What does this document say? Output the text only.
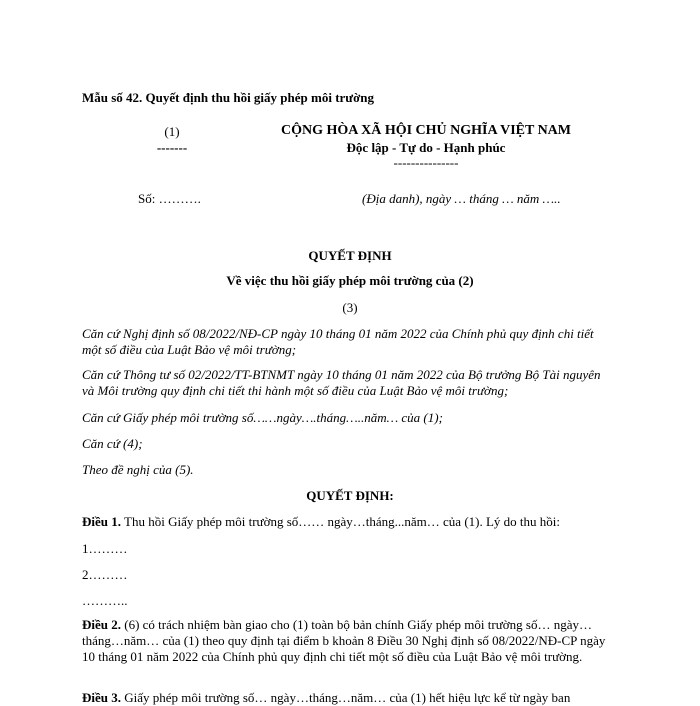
Mẫu số 42. Quyết định thu hồi giấy phép môi trường
(1)
-------
CỘNG HÒA XÃ HỘI CHỦ NGHĨA VIỆT NAM
Độc lập - Tự do - Hạnh phúc
---------------
Số: ……….	(Địa danh), ngày … tháng … năm …..
QUYẾT ĐỊNH
Về việc thu hồi giấy phép môi trường của (2)
(3)
Căn cứ Nghị định số 08/2022/NĐ-CP ngày 10 tháng 01 năm 2022 của Chính phủ quy định chi tiết một số điều của Luật Bảo vệ môi trường;
Căn cứ Thông tư số 02/2022/TT-BTNMT ngày 10 tháng 01 năm 2022 của Bộ trưởng Bộ Tài nguyên và Môi trường quy định chi tiết thi hành một số điều của Luật Bảo vệ môi trường;
Căn cứ Giấy phép môi trường số……ngày….tháng…..năm… của (1);
Căn cứ (4);
Theo đề nghị của (5).
QUYẾT ĐỊNH:
Điều 1. Thu hồi Giấy phép môi trường số…… ngày…tháng...năm… của (1). Lý do thu hồi:
1………
2………
………..
Điều 2. (6) có trách nhiệm bàn giao cho (1) toàn bộ bản chính Giấy phép môi trường số… ngày…tháng…năm… của (1) theo quy định tại điểm b khoản 8 Điều 30 Nghị định số 08/2022/NĐ-CP ngày 10 tháng 01 năm 2022 của Chính phủ quy định chi tiết một số điều của Luật Bảo vệ môi trường.
Điều 3. Giấy phép môi trường số… ngày…tháng…năm… của (1) hết hiệu lực kể từ ngày ban
